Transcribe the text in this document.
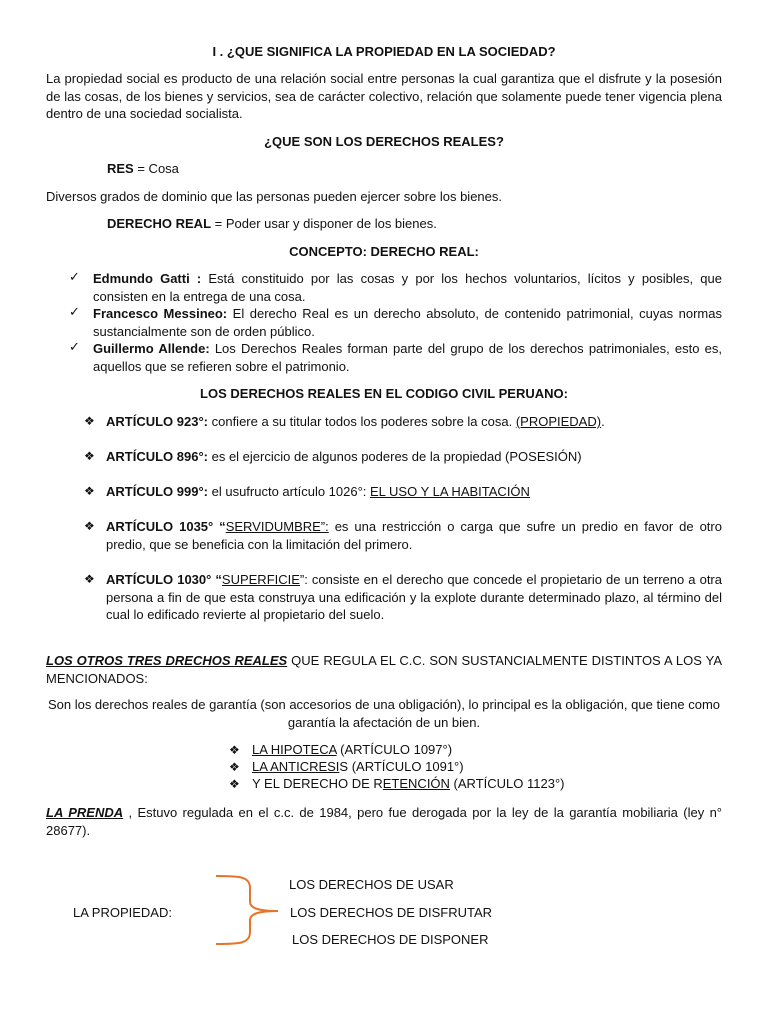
I . ¿QUE SIGNIFICA LA PROPIEDAD EN LA SOCIEDAD?
La propiedad social es producto de una relación social entre personas la cual garantiza que el disfrute y la posesión de las cosas, de los bienes y servicios, sea de carácter colectivo, relación que solamente puede tener vigencia plena dentro de una sociedad socialista.
¿QUE SON LOS DERECHOS REALES?
RES = Cosa
Diversos grados de dominio que las personas pueden ejercer sobre los bienes.
DERECHO REAL = Poder usar y disponer de los bienes.
CONCEPTO: DERECHO REAL:
✓	Edmundo Gatti : Está constituido por las cosas y por los hechos voluntarios, lícitos y posibles, que consisten en la entrega de una cosa.
✓	Francesco Messineo: El derecho Real es un derecho absoluto, de contenido patrimonial, cuyas normas sustancialmente son de orden público.
✓	Guillermo Allende: Los Derechos Reales forman parte del grupo de los derechos patrimoniales, esto es, aquellos que se refieren sobre el patrimonio.
LOS DERECHOS REALES EN EL CODIGO CIVIL PERUANO:
❖ ARTÍCULO 923°: confiere a su titular todos los poderes sobre la cosa. (PROPIEDAD).
❖ ARTÍCULO 896°: es el ejercicio de algunos poderes de la propiedad (POSESIÓN)
❖ ARTÍCULO 999°: el usufructo artículo 1026°: EL USO Y LA HABITACIÓN
❖ ARTÍCULO 1035° “SERVIDUMBRE”: es una restricción o carga que sufre un predio en favor de otro predio, que se beneficia con la limitación del primero.
❖ ARTÍCULO 1030° “SUPERFICIE”: consiste en el derecho que concede el propietario de un terreno a otra persona a fin de que esta construya una edificación y la explote durante determinado plazo, al término del cual lo edificado revierte al propietario del suelo.
LOS OTROS TRES DRECHOS REALES QUE REGULA EL C.C. SON SUSTANCIALMENTE DISTINTOS A LOS YA MENCIONADOS:
Son los derechos reales de garantía (son accesorios de una obligación), lo principal es la obligación, que tiene como garantía la afectación de un bien.
❖ LA HIPOTECA (ARTÍCULO 1097°)
❖ LA ANTICRESIS (ARTÍCULO 1091°)
❖ Y EL DERECHO DE RETENCIÓN (ARTÍCULO 1123°)
LA PRENDA , Estuvo regulada en el c.c. de 1984, pero fue derogada por la ley de la garantía mobiliaria (ley n° 28677).
LA PROPIEDAD:
LOS DERECHOS DE USAR
LOS DERECHOS DE DISFRUTAR
LOS DERECHOS DE DISPONER
